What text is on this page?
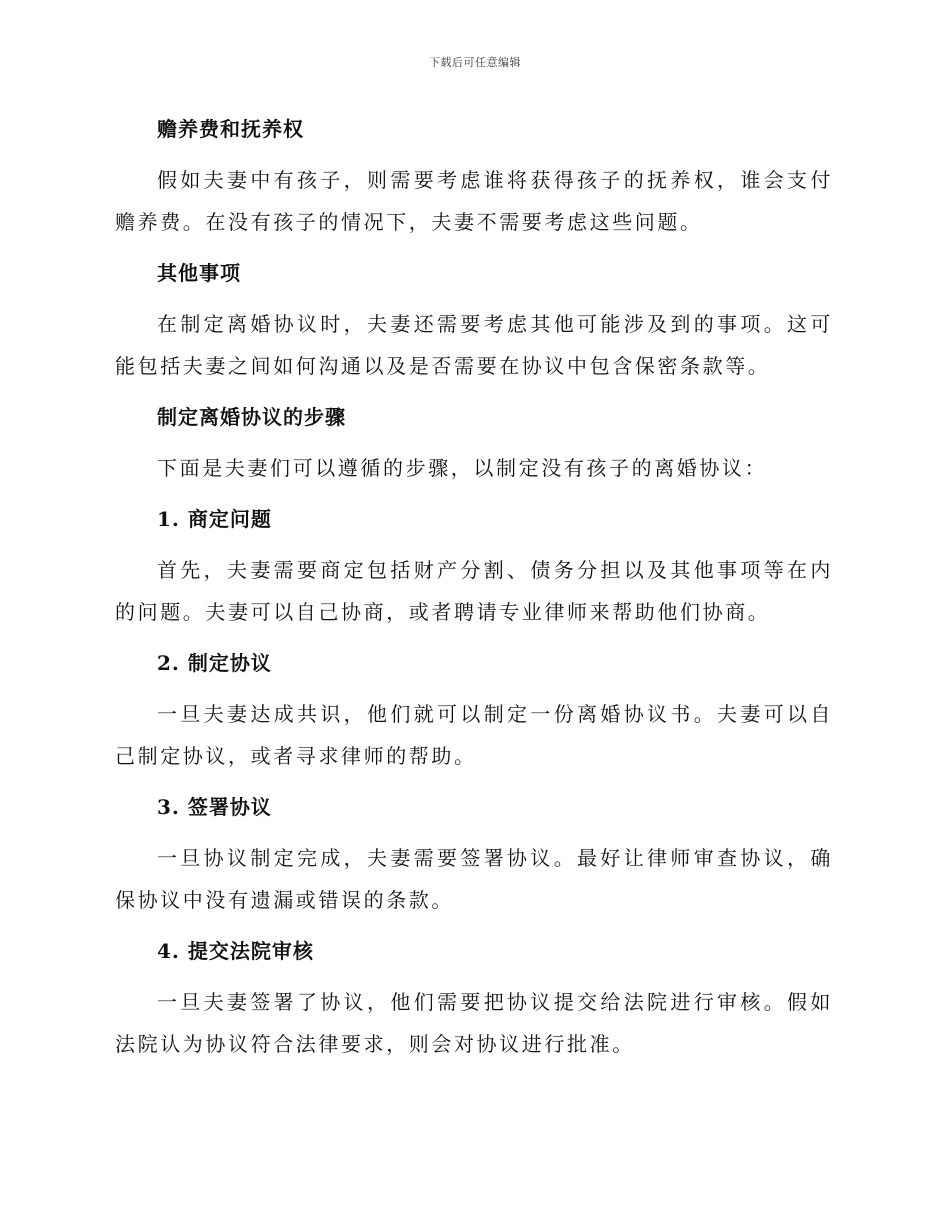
下载后可任意编辑
赡养费和抚养权

假如夫妻中有孩子，则需要考虑谁将获得孩子的抚养权，谁会支付赡养费。在没有孩子的情况下，夫妻不需要考虑这些问题。

其他事项

在制定离婚协议时，夫妻还需要考虑其他可能涉及到的事项。这可能包括夫妻之间如何沟通以及是否需要在协议中包含保密条款等。

制定离婚协议的步骤

下面是夫妻们可以遵循的步骤，以制定没有孩子的离婚协议：

1. 商定问题

首先，夫妻需要商定包括财产分割、债务分担以及其他事项等在内的问题。夫妻可以自己协商，或者聘请专业律师来帮助他们协商。

2. 制定协议

一旦夫妻达成共识，他们就可以制定一份离婚协议书。夫妻可以自己制定协议，或者寻求律师的帮助。

3. 签署协议

一旦协议制定完成，夫妻需要签署协议。最好让律师审查协议，确保协议中没有遗漏或错误的条款。

4. 提交法院审核

一旦夫妻签署了协议，他们需要把协议提交给法院进行审核。假如法院认为协议符合法律要求，则会对协议进行批准。
